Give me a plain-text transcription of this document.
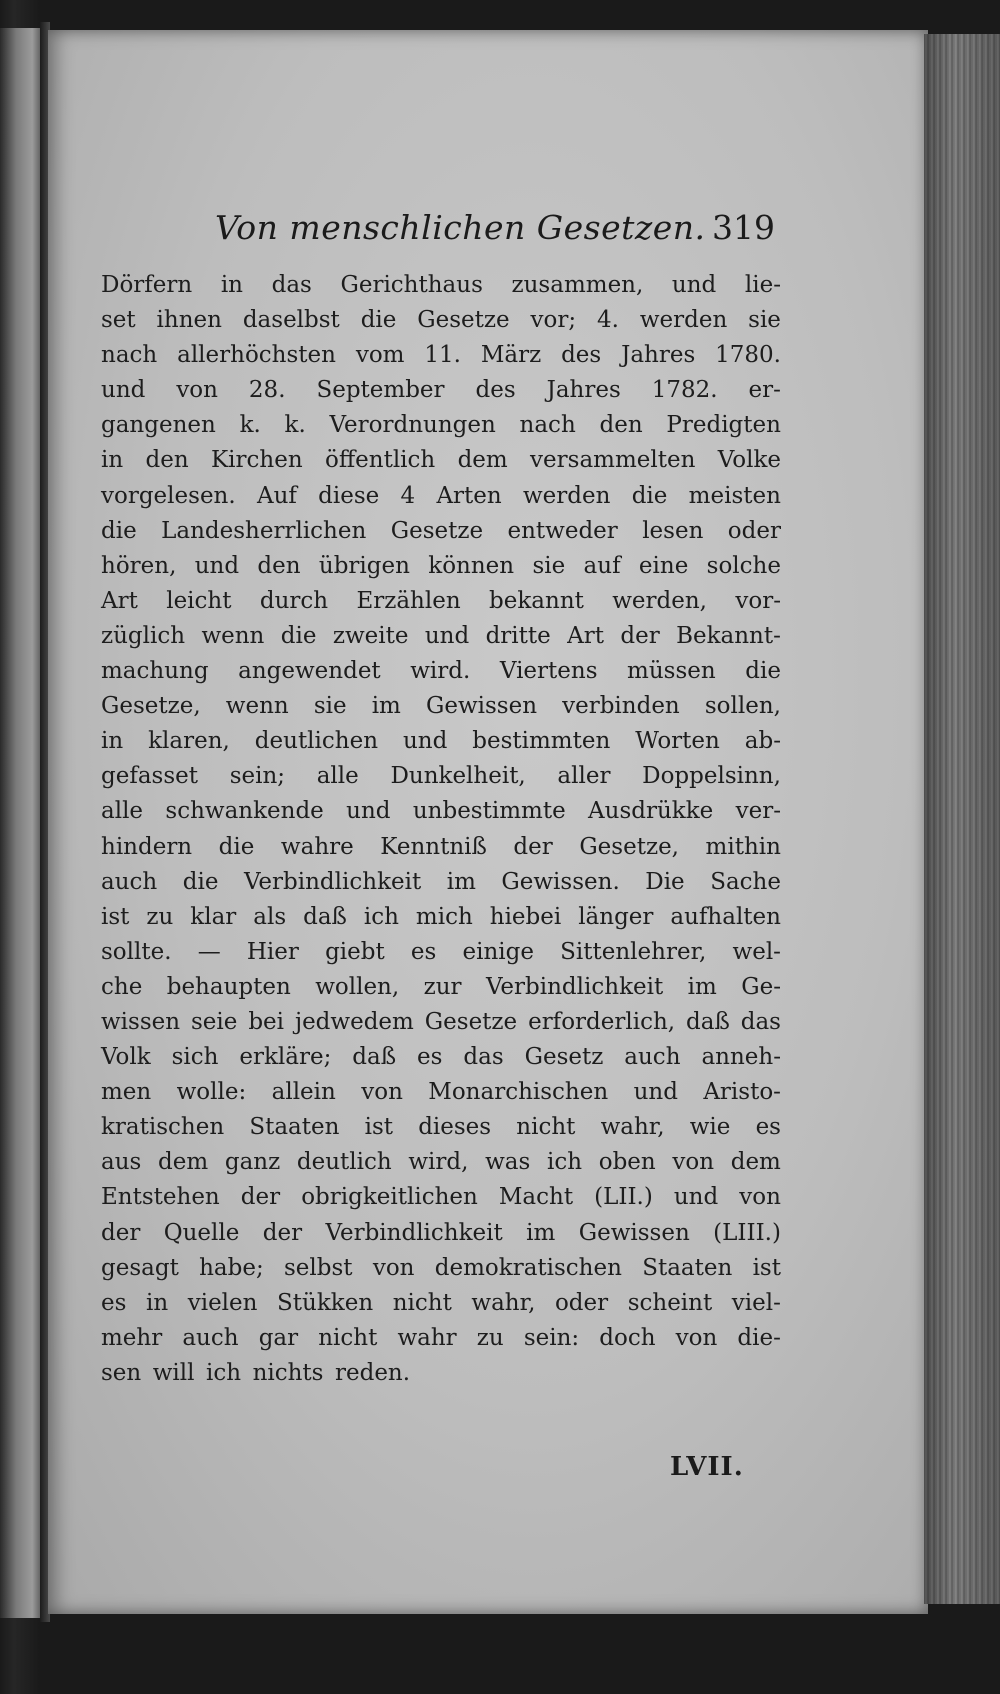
Von menschlichen Gesetzen. 319
Dörfern in das Gerichthaus zusammen, und lie-
set ihnen daselbst die Gesetze vor; 4. werden sie
nach allerhöchsten vom 11. März des Jahres 1780.
und von 28. September des Jahres 1782. er-
gangenen k. k. Verordnungen nach den Predigten
in den Kirchen öffentlich dem versammelten Volke
vorgelesen. Auf diese 4 Arten werden die meisten
die Landesherrlichen Gesetze entweder lesen oder
hören, und den übrigen können sie auf eine solche
Art leicht durch Erzählen bekannt werden, vor-
züglich wenn die zweite und dritte Art der Bekannt-
machung angewendet wird. Viertens müssen die
Gesetze, wenn sie im Gewissen verbinden sollen,
in klaren, deutlichen und bestimmten Worten ab-
gefasset sein; alle Dunkelheit, aller Doppelsinn,
alle schwankende und unbestimmte Ausdrükke ver-
hindern die wahre Kenntniß der Gesetze, mithin
auch die Verbindlichkeit im Gewissen. Die Sache
ist zu klar als daß ich mich hiebei länger aufhalten
sollte. — Hier giebt es einige Sittenlehrer, wel-
che behaupten wollen, zur Verbindlichkeit im Ge-
wissen seie bei jedwedem Gesetze erforderlich, daß das
Volk sich erkläre; daß es das Gesetz auch anneh-
men wolle: allein von Monarchischen und Aristo-
kratischen Staaten ist dieses nicht wahr, wie es
aus dem ganz deutlich wird, was ich oben von dem
Entstehen der obrigkeitlichen Macht (LII.) und von
der Quelle der Verbindlichkeit im Gewissen (LIII.)
gesagt habe; selbst von demokratischen Staaten ist
es in vielen Stükken nicht wahr, oder scheint viel-
mehr auch gar nicht wahr zu sein: doch von die-
sen will ich nichts reden.
LVII.
